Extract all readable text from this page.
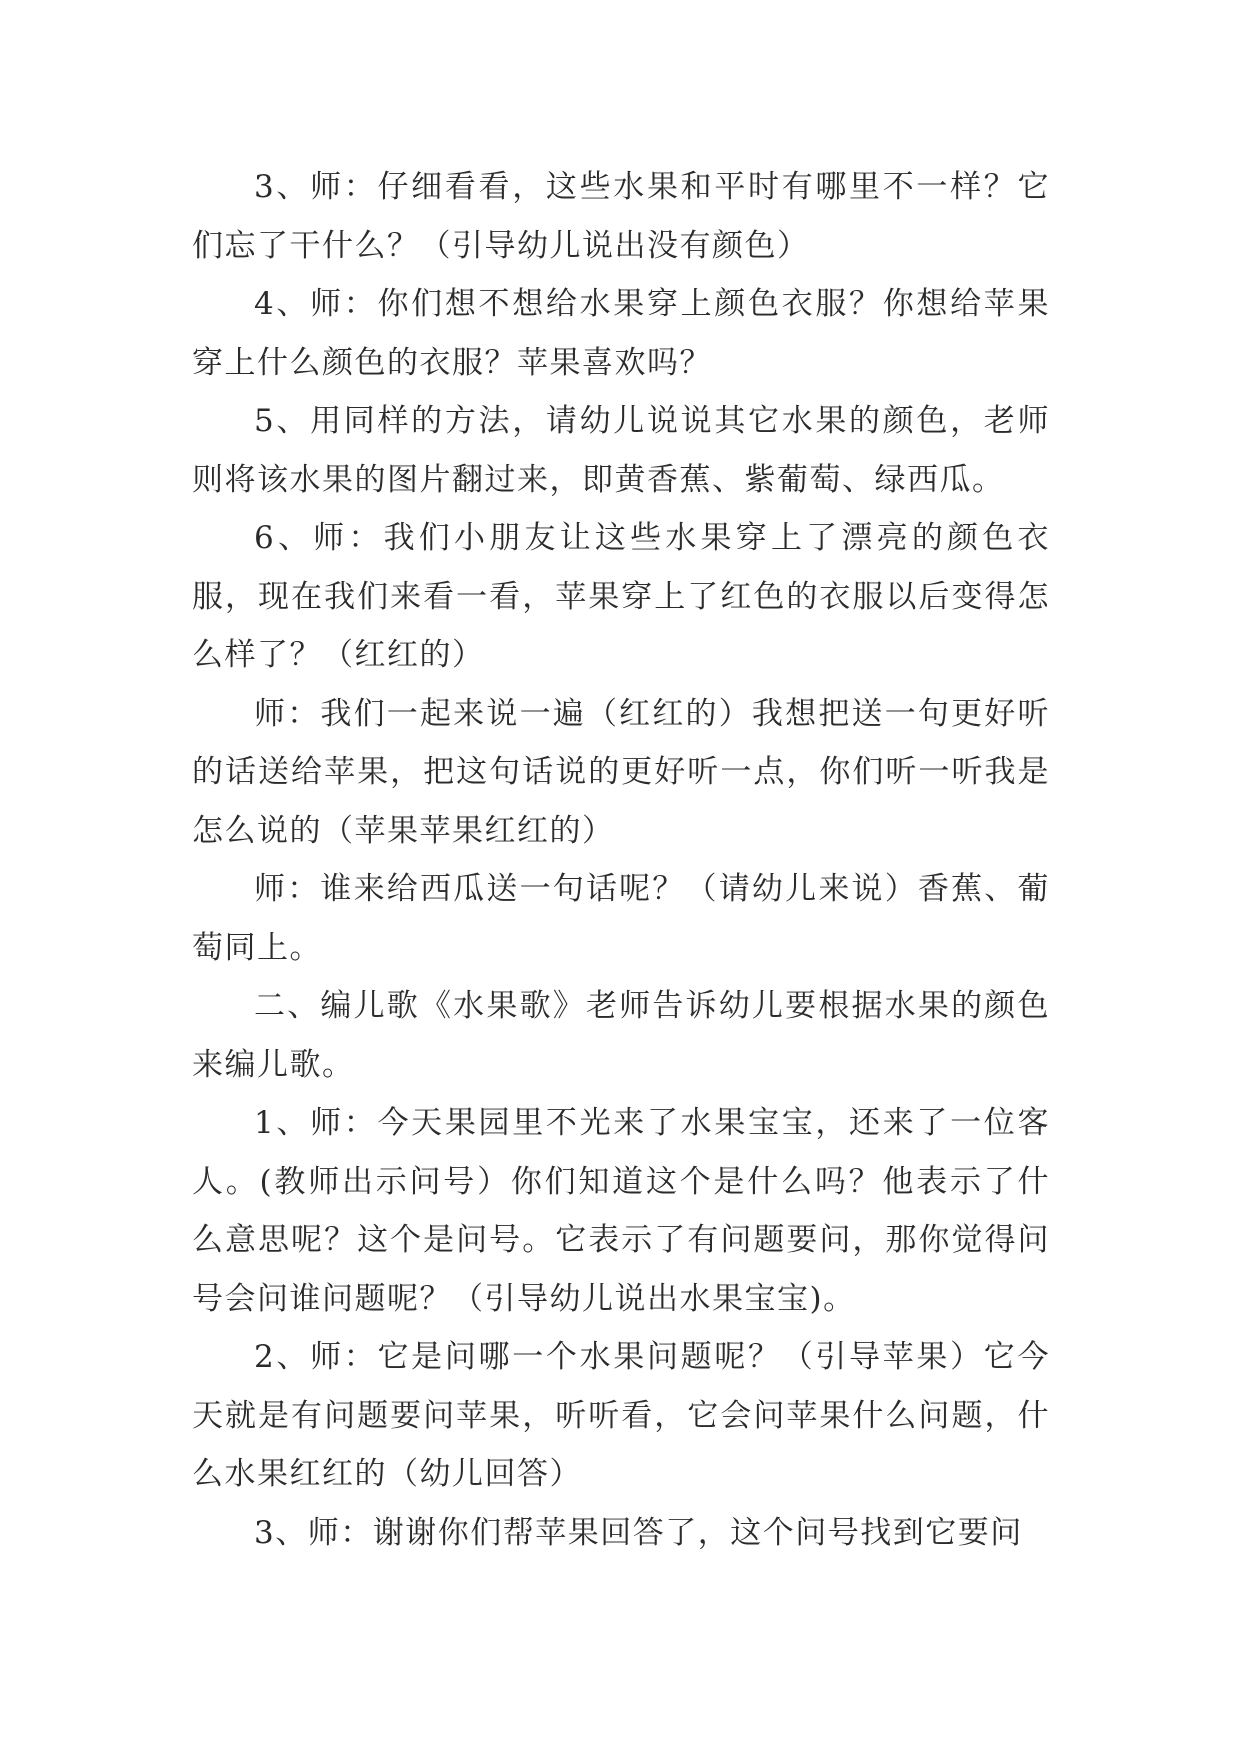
3、师：仔细看看，这些水果和平时有哪里不一样？它们忘了干什么？（引导幼儿说出没有颜色）

4、师：你们想不想给水果穿上颜色衣服？你想给苹果穿上什么颜色的衣服？苹果喜欢吗？

5、用同样的方法，请幼儿说说其它水果的颜色，老师则将该水果的图片翻过来，即黄香蕉、紫葡萄、绿西瓜。

6、师：我们小朋友让这些水果穿上了漂亮的颜色衣服，现在我们来看一看，苹果穿上了红色的衣服以后变得怎么样了？（红红的）

师：我们一起来说一遍（红红的）我想把送一句更好听的话送给苹果，把这句话说的更好听一点，你们听一听我是怎么说的（苹果苹果红红的）

师：谁来给西瓜送一句话呢？（请幼儿来说）香蕉、葡萄同上。

二、编儿歌《水果歌》老师告诉幼儿要根据水果的颜色来编儿歌。

1、师：今天果园里不光来了水果宝宝，还来了一位客人。(教师出示问号）你们知道这个是什么吗？他表示了什么意思呢？这个是问号。它表示了有问题要问，那你觉得问号会问谁问题呢？（引导幼儿说出水果宝宝)。

2、师：它是问哪一个水果问题呢？（引导苹果）它今天就是有问题要问苹果，听听看，它会问苹果什么问题，什么水果红红的（幼儿回答）

3、师：谢谢你们帮苹果回答了，这个问号找到它要问
